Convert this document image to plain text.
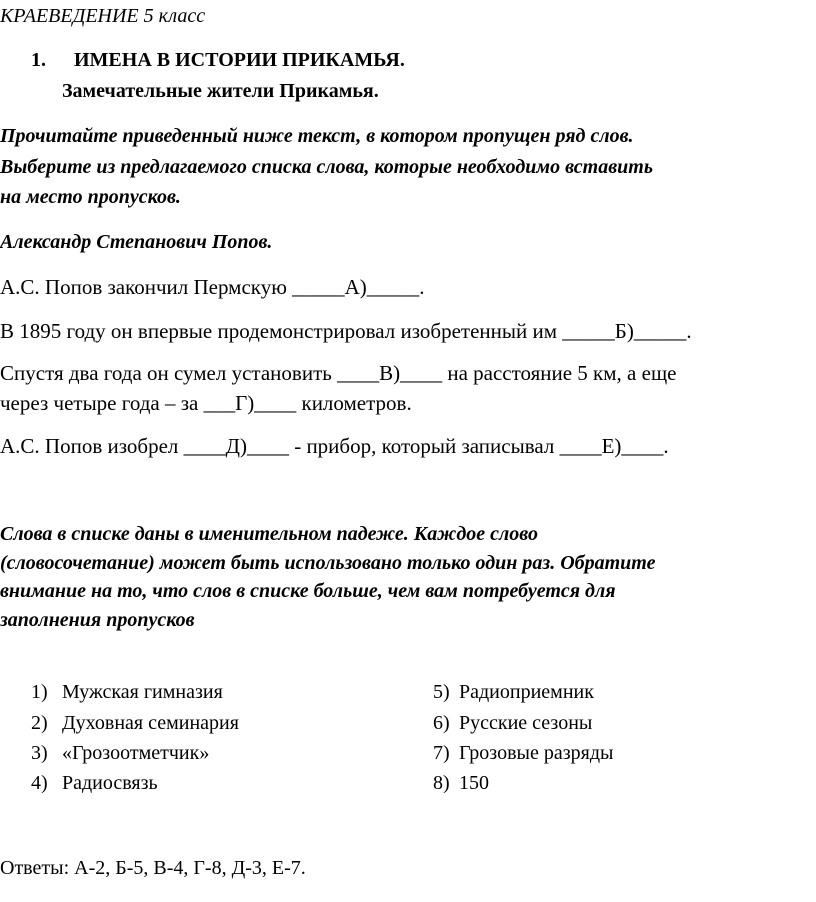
КРАЕВЕДЕНИЕ 5 класс
1. ИМЕНА В ИСТОРИИ ПРИКАМЬЯ.
Замечательные жители Прикамья.
Прочитайте приведенный ниже текст, в котором пропущен ряд слов.
Выберите из предлагаемого списка слова, которые необходимо вставить
на место пропусков.
Александр Степанович Попов.
А.С. Попов закончил Пермскую _____А)_____.
В 1895 году он впервые продемонстрировал изобретенный им _____Б)_____.
Спустя два года он сумел установить ____В)____ на расстояние 5 км, а еще
через четыре года – за ___Г)____ километров.
А.С. Попов изобрел ____Д)____ - прибор, который записывал ____Е)____.
Слова в списке даны в именительном падеже. Каждое слово
(словосочетание) может быть использовано только один раз. Обратите
внимание на то, что слов в списке больше, чем вам потребуется для
заполнения пропусков
1) Мужская гимназия
2) Духовная семинария
3) «Грозоотметчик»
4) Радиосвязь
5) Радиоприемник
6) Русские сезоны
7) Грозовые разряды
8) 150
Ответы: А-2, Б-5, В-4, Г-8, Д-3, Е-7.
